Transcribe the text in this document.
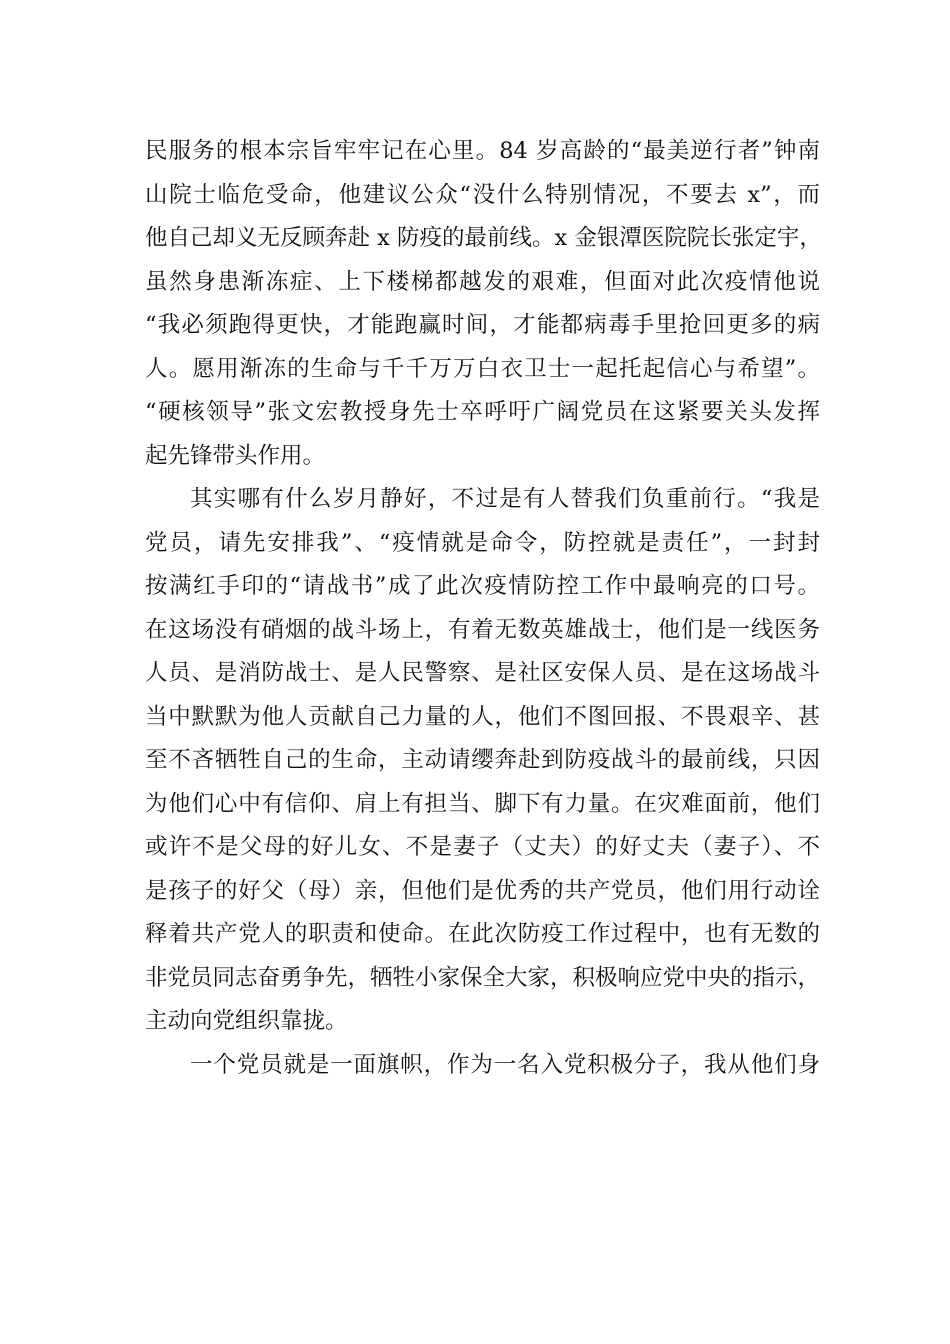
民服务的根本宗旨牢牢记在心里。84 岁高龄的“最美逆行者”钟南
山院士临危受命，他建议公众“没什么特别情况，不要去 x”，而
他自己却义无反顾奔赴 x 防疫的最前线。x 金银潭医院院长张定宇，
虽然身患渐冻症、上下楼梯都越发的艰难，但面对此次疫情他说
“我必须跑得更快，才能跑赢时间，才能都病毒手里抢回更多的病
人。愿用渐冻的生命与千千万万白衣卫士一起托起信心与希望”。
“硬核领导”张文宏教授身先士卒呼吁广阔党员在这紧要关头发挥
起先锋带头作用。
其实哪有什么岁月静好，不过是有人替我们负重前行。“我是
党员，请先安排我”、“疫情就是命令，防控就是责任”，一封封
按满红手印的“请战书”成了此次疫情防控工作中最响亮的口号。
在这场没有硝烟的战斗场上，有着无数英雄战士，他们是一线医务
人员、是消防战士、是人民警察、是社区安保人员、是在这场战斗
当中默默为他人贡献自己力量的人，他们不图回报、不畏艰辛、甚
至不吝牺牲自己的生命，主动请缨奔赴到防疫战斗的最前线，只因
为他们心中有信仰、肩上有担当、脚下有力量。在灾难面前，他们
或许不是父母的好儿女、不是妻子（丈夫）的好丈夫（妻子）、不
是孩子的好父（母）亲，但他们是优秀的共产党员，他们用行动诠
释着共产党人的职责和使命。在此次防疫工作过程中，也有无数的
非党员同志奋勇争先，牺牲小家保全大家，积极响应党中央的指示，
主动向党组织靠拢。
一个党员就是一面旗帜，作为一名入党积极分子，我从他们身
